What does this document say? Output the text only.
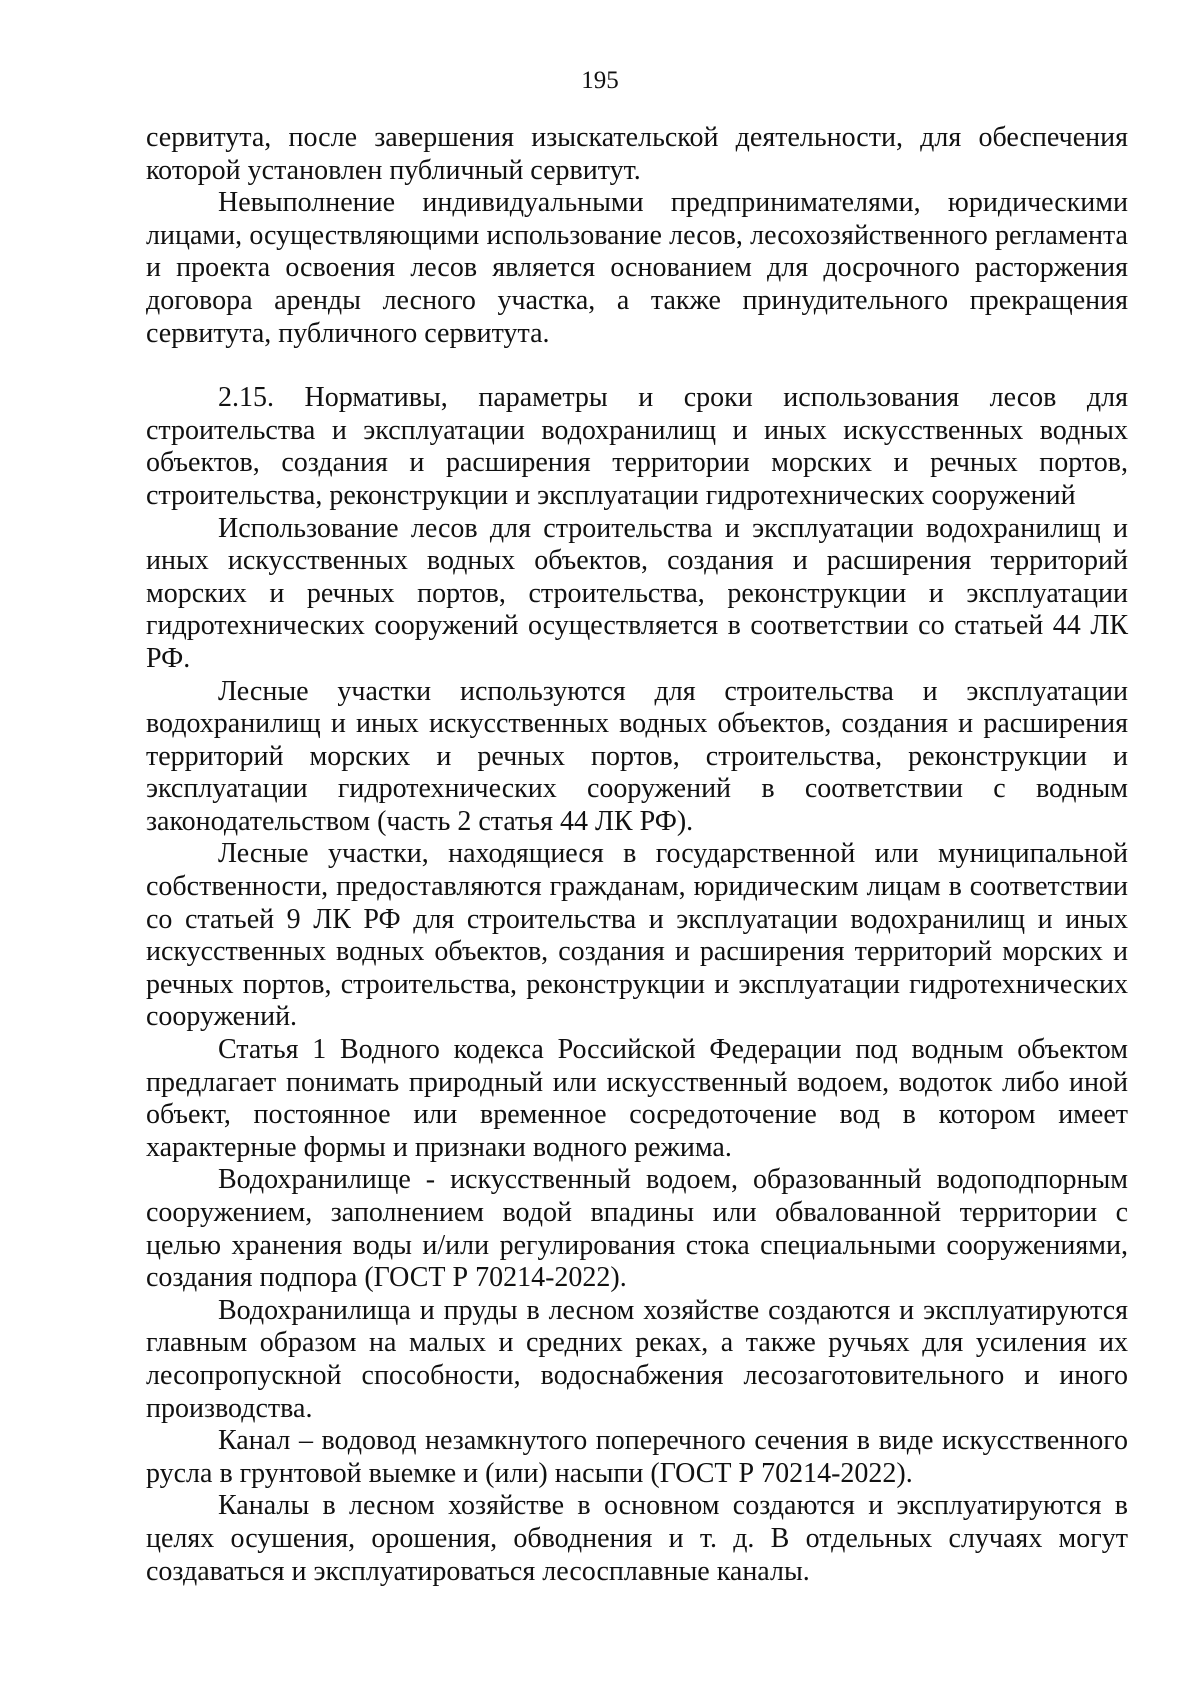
195

сервитута, после завершения изыскательской деятельности, для обеспечения которой установлен публичный сервитут.

Невыполнение индивидуальными предпринимателями, юридическими лицами, осуществляющими использование лесов, лесохозяйственного регламента и проекта освоения лесов является основанием для досрочного расторжения договора аренды лесного участка, а также принудительного прекращения сервитута, публичного сервитута.

2.15. Нормативы, параметры и сроки использования лесов для строительства и эксплуатации водохранилищ и иных искусственных водных объектов, создания и расширения территории морских и речных портов, строительства, реконструкции и эксплуатации гидротехнических сооружений

Использование лесов для строительства и эксплуатации водохранилищ и иных искусственных водных объектов, создания и расширения территорий морских и речных портов, строительства, реконструкции и эксплуатации гидротехнических сооружений осуществляется в соответствии со статьей 44 ЛК РФ.

Лесные участки используются для строительства и эксплуатации водохранилищ и иных искусственных водных объектов, создания и расширения территорий морских и речных портов, строительства, реконструкции и эксплуатации гидротехнических сооружений в соответствии с водным законодательством (часть 2 статья 44 ЛК РФ).

Лесные участки, находящиеся в государственной или муниципальной собственности, предоставляются гражданам, юридическим лицам в соответствии со статьей 9 ЛК РФ для строительства и эксплуатации водохранилищ и иных искусственных водных объектов, создания и расширения территорий морских и речных портов, строительства, реконструкции и эксплуатации гидротехнических сооружений.

Статья 1 Водного кодекса Российской Федерации под водным объектом предлагает понимать природный или искусственный водоем, водоток либо иной объект, постоянное или временное сосредоточение вод в котором имеет характерные формы и признаки водного режима.

Водохранилище - искусственный водоем, образованный водоподпорным сооружением, заполнением водой впадины или обвалованной территории с целью хранения воды и/или регулирования стока специальными сооружениями, создания подпора (ГОСТ Р 70214-2022).

Водохранилища и пруды в лесном хозяйстве создаются и эксплуатируются главным образом на малых и средних реках, а также ручьях для усиления их лесопропускной способности, водоснабжения лесозаготовительного и иного производства.

Канал – водовод незамкнутого поперечного сечения в виде искусственного русла в грунтовой выемке и (или) насыпи (ГОСТ Р 70214-2022).

Каналы в лесном хозяйстве в основном создаются и эксплуатируются в целях осушения, орошения, обводнения и т. д. В отдельных случаях могут создаваться и эксплуатироваться лесосплавные каналы.
